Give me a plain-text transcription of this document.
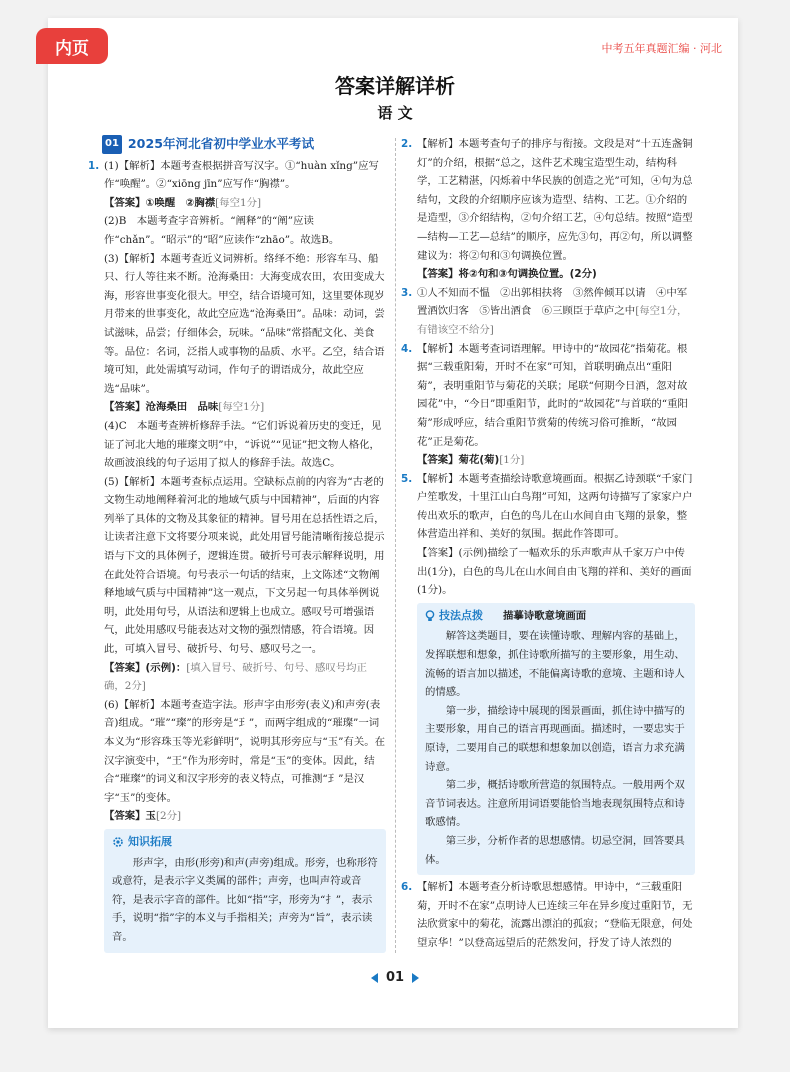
内页	中考五年真题汇编 · 河北
答案详解详析
语 文
01 2025年河北省初中学业水平考试
1. (1)【解析】本题考查根据拼音写汉字。①“huàn xǐng”应写作“唤醒”。②“xiōng jīn”应写作“胸襟”。

【答案】①唤醒　②胸襟[每空1分]

(2)B　本题考查字音辨析。“阐释”的“阐”应读作“chǎn”。“昭示”的“昭”应读作“zhāo”。故选B。

(3)【解析】本题考查近义词辨析。络绎不绝：形容车马、船只、行人等往来不断。沧海桑田：大海变成农田，农田变成大海，形容世事变化很大。甲空，结合语境可知，这里要体现岁月带来的世事变化，故此空应选“沧海桑田”。品味：动词，尝试滋味，品尝；仔细体会，玩味。“品味”常搭配文化、美食等。品位：名词，泛指人或事物的品质、水平。乙空，结合语境可知，此处需填写动词，作句子的谓语成分，故此空应选“品味”。

【答案】沧海桑田　品味[每空1分]

(4)C　本题考查辨析修辞手法。“它们诉说着历史的变迁，见证了河北大地的璀璨文明”中，“诉说”“见证”把文物人格化，故画波浪线的句子运用了拟人的修辞手法。故选C。

(5)【解析】本题考查标点运用。空缺标点前的内容为“古老的文物生动地阐释着河北的地域气质与中国精神”，后面的内容列举了具体的文物及其象征的精神。冒号用在总括性语之后，让读者注意下文将要分项来说，此处用冒号能清晰衔接总提示语与下文的具体例子，逻辑连贯。破折号可表示解释说明，用在此处符合语境。句号表示一句话的结束，上文陈述“文物阐释地域气质与中国精神”这一观点，下文另起一句具体举例说明，此处用句号，从语法和逻辑上也成立。感叹号可增强语气，此处用感叹号能表达对文物的强烈情感，符合语境。因此，可填入冒号、破折号、句号、感叹号之一。

【答案】(示例)：[填入冒号、破折号、句号、感叹号均正确，2分]

(6)【解析】本题考查造字法。形声字由形旁(表义)和声旁(表音)组成。“璀”“璨”的形旁是“⺩”，而两字组成的“璀璨”一词本义为“形容珠玉等光彩鲜明”，说明其形旁应与“玉”有关。在汉字演变中，“王”作为形旁时，常是“玉”的变体。因此，结合“璀璨”的词义和汉字形旁的表义特点，可推测“⺩”是汉字“玉”的变体。

【答案】玉[2分]

知识拓展

形声字，由形(形旁)和声(声旁)组成。形旁，也称形符或意符，是表示字义类属的部件；声旁，也叫声符或音符，是表示字音的部件。比如“指”字，形旁为“扌”，表示手，说明“指”字的本义与手指相关；声旁为“旨”，表示读音。

2. 【解析】本题考查句子的排序与衔接。文段是对“十五连盏铜灯”的介绍，根据“总之，这件艺术瑰宝造型生动，结构科学，工艺精湛，闪烁着中华民族的创造之光”可知，④句为总结句，文段的介绍顺序应该为造型、结构、工艺。①介绍的是造型，③介绍结构，②句介绍工艺，④句总结。按照“造型—结构—工艺—总结”的顺序，应先③句，再②句，所以调整建议为：将②句和③句调换位置。

【答案】将②句和③句调换位置。(2分)

3. ①人不知而不愠　②出郭相扶将　③然侔倾耳以请　④中军置酒饮归客　⑤皆出酒食　⑥三顾臣于草庐之中[每空1分，有错该空不给分]

4. 【解析】本题考查词语理解。甲诗中的“故园花”指菊花。根据“三载重阳菊，开时不在家”可知，首联明确点出“重阳菊”，表明重阳节与菊花的关联；尾联“何期今日酒，忽对故园花”中，“今日”即重阳节，此时的“故园花”与首联的“重阳菊”形成呼应，结合重阳节赏菊的传统习俗可推断，“故园花”正是菊花。

【答案】菊花(菊)[1分]

5. 【解析】本题考查描绘诗歌意境画面。根据乙诗颈联“千家门户笙歌发，十里江山白鸟翔”可知，这两句诗描写了家家户户传出欢乐的歌声，白色的鸟儿在山水间自由飞翔的景象，整体营造出祥和、美好的氛围。据此作答即可。

【答案】(示例)描绘了一幅欢乐的乐声歌声从千家万户中传出(1分)，白色的鸟儿在山水间自由飞翔的祥和、美好的画面(1分)。

技法点拨 描摹诗歌意境画面

解答这类题目，要在读懂诗歌、理解内容的基础上，发挥联想和想象，抓住诗歌所描写的主要形象，用生动、流畅的语言加以描述，不能偏离诗歌的意境、主题和诗人的情感。

第一步，描绘诗中展现的图景画面，抓住诗中描写的主要形象，用自己的语言再现画面。描述时，一要忠实于原诗，二要用自己的联想和想象加以创造，语言力求充满诗意。

第二步，概括诗歌所营造的氛围特点。一般用两个双音节词表达。注意所用词语要能恰当地表现氛围特点和诗歌感情。

第三步，分析作者的思想感情。切忌空洞，回答要具体。

6. 【解析】本题考查分析诗歌思想感情。甲诗中，“三载重阳菊，开时不在家”点明诗人已连续三年在异乡度过重阳节，无法欣赏家中的菊花，流露出漂泊的孤寂；“登临无限意，何处望京华！”以登高远望后的茫然发问，抒发了诗人浓烈的

01
